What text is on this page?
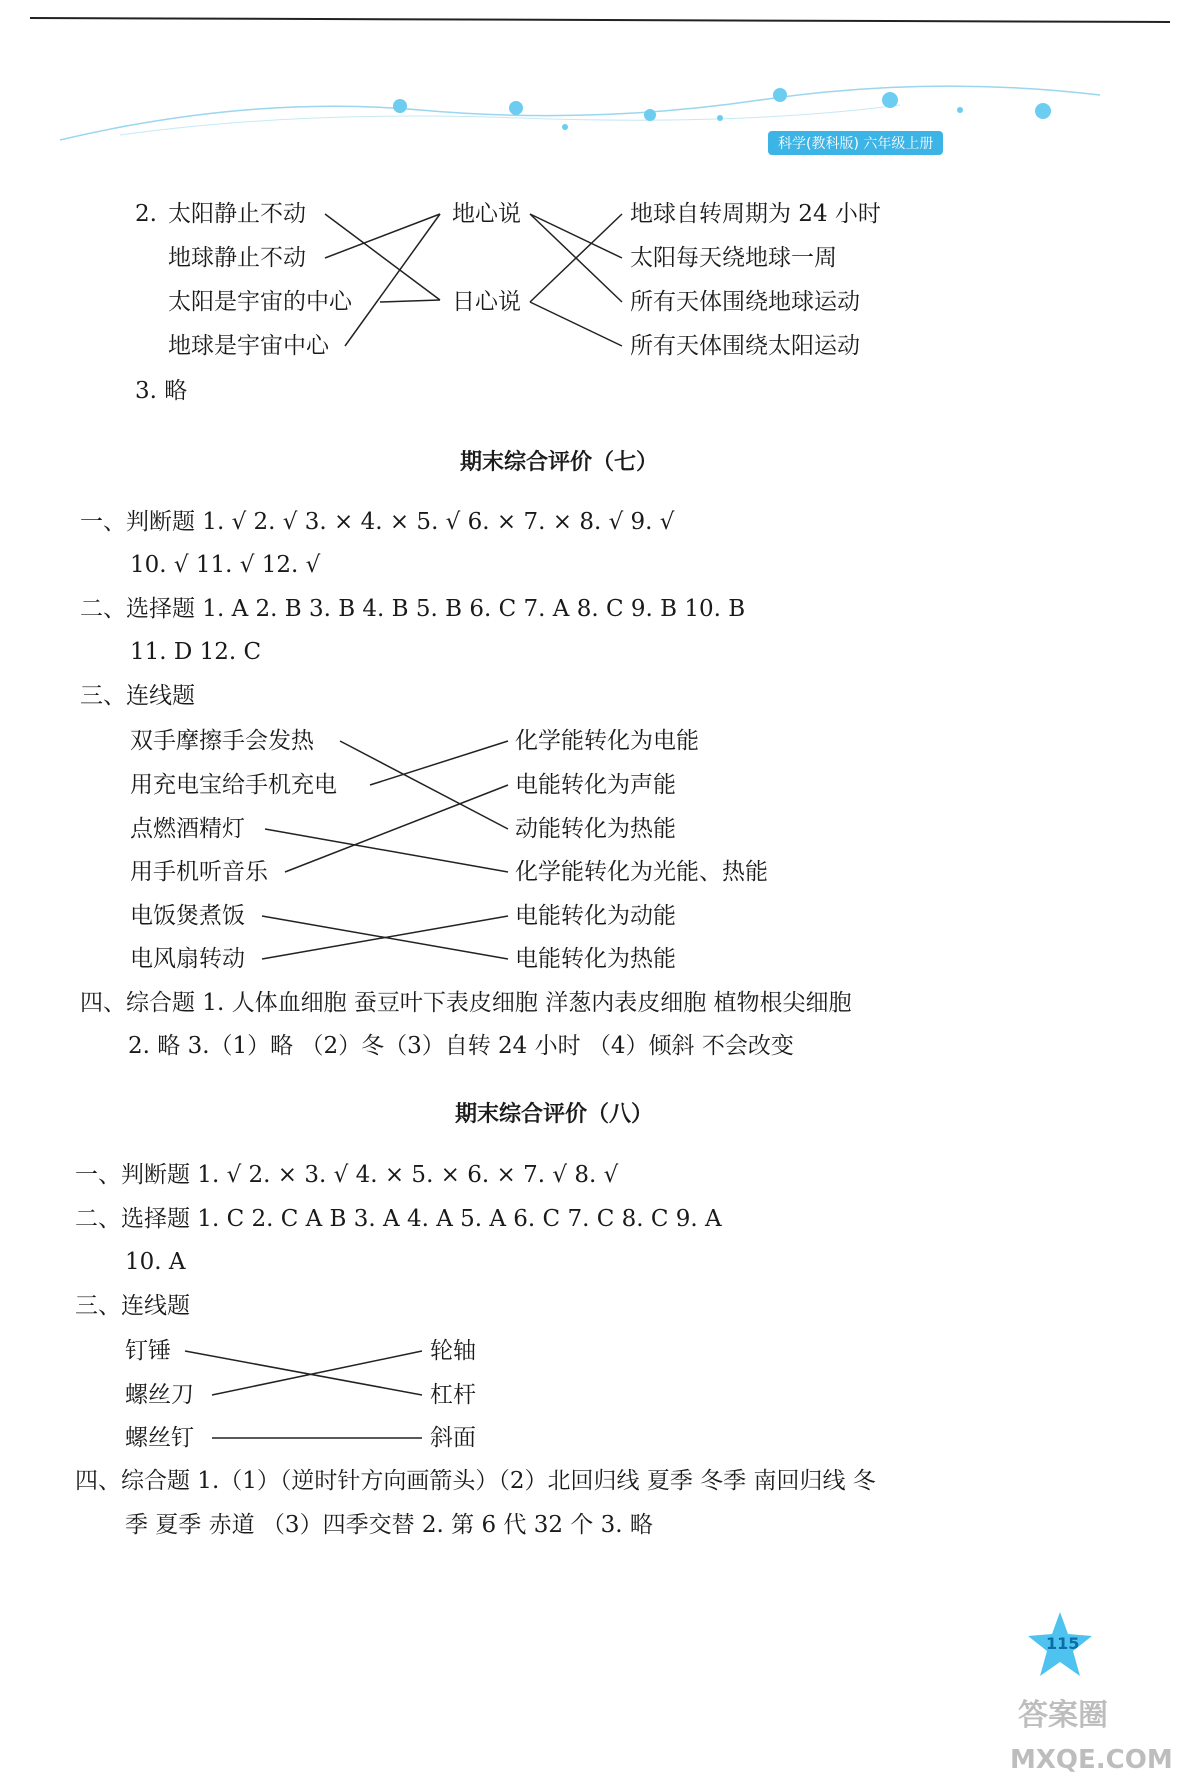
科学(教科版) 六年级上册
2. 太阳静止不动
地球静止不动
太阳是宇宙的中心
地球是宇宙中心
地心说
日心说
地球自转周期为 24 小时
太阳每天绕地球一周
所有天体围绕地球运动
所有天体围绕太阳运动
3. 略
期末综合评价（七）
一、判断题 1. √ 2. √ 3. × 4. × 5. √ 6. × 7. × 8. √ 9. √
10. √ 11. √ 12. √
二、选择题 1. A 2. B 3. B 4. B 5. B 6. C 7. A 8. C 9. B 10. B
11. D 12. C
三、连线题
双手摩擦手会发热
用充电宝给手机充电
点燃酒精灯
用手机听音乐
电饭煲煮饭
电风扇转动
化学能转化为电能
电能转化为声能
动能转化为热能
化学能转化为光能、热能
电能转化为动能
电能转化为热能
四、综合题 1. 人体血细胞 蚕豆叶下表皮细胞 洋葱内表皮细胞 植物根尖细胞
2. 略 3.（1）略 （2）冬（3）自转 24 小时 （4）倾斜 不会改变
期末综合评价（八）
一、判断题 1. √ 2. × 3. √ 4. × 5. × 6. × 7. √ 8. √
二、选择题 1. C 2. C A B 3. A 4. A 5. A 6. C 7. C 8. C 9. A
10. A
三、连线题
钉锤
螺丝刀
螺丝钉
轮轴
杠杆
斜面
四、综合题 1.（1）（逆时针方向画箭头）（2）北回归线 夏季 冬季 南回归线 冬
季 夏季 赤道 （3）四季交替 2. 第 6 代 32 个 3. 略
115
答案圈
MXQE.COM
